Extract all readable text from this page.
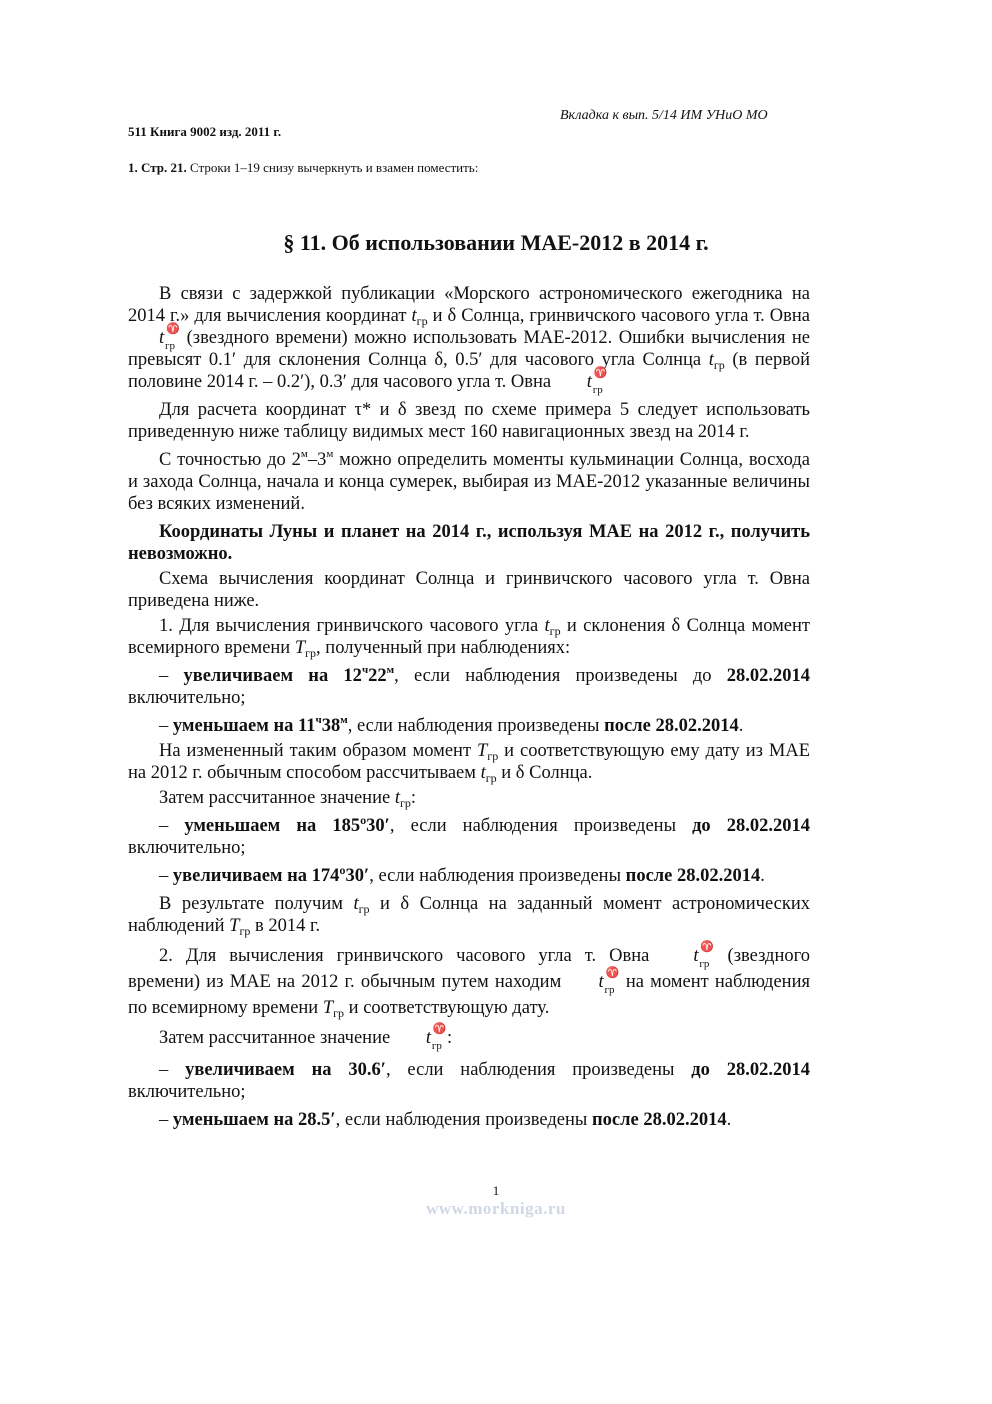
Вкладка к вып. 5/14 ИМ УНиО МО
511 Книга 9002 изд. 2011 г.
1. Стр. 21. Строки 1–19 снизу вычеркнуть и взамен поместить:
§ 11. Об использовании МАЕ-2012 в 2014 г.

В связи с задержкой публикации «Морского астрономического ежегодника на 2014 г.» для вычисления координат $t_{гр}$ и δ Солнца, гринвичского часового угла т. Овна t ♈
гр (звездного времени) можно использовать МАЕ-2012. Ошибки вычисления не превысят 0.1′ для склонения Солнца δ, 0.5′ для часового угла Солнца $t_{гр}$ (в первой половине 2014 г. – 0.2′), 0.3′ для часового угла т. Овна t ♈
гр

Для расчета координат τ* и δ звезд по схеме примера 5 следует использовать приведенную ниже таблицу видимых мест 160 навигационных звезд на 2014 г.

С точностью до $2^м-3^м$ можно определить моменты кульминации Солнца, восхода и захода Солнца, начала и конца сумерек, выбирая из МАЕ-2012 указанные величины без всяких изменений.

Координаты Луны и планет на 2014 г., используя МАЕ на 2012 г., получить невозможно.

Схема вычисления координат Солнца и гринвичского часового угла т. Овна приведена ниже.

1. Для вычисления гринвичского часового угла $t_{гр}$ и склонения δ Солнца момент всемирного времени $T_{гр}$, полученный при наблюдениях:

– увеличиваем на $12^ч22^м$, если наблюдения произведены до 28.02.2014 включительно;

– уменьшаем на $11^ч38^м$, если наблюдения произведены после 28.02.2014.

На измененный таким образом момент $T_{гр}$ и соответствующую ему дату из МАЕ на 2012 г. обычным способом рассчитываем $t_{гр}$ и δ Солнца.

Затем рассчитанное значение $t_{гр}$:

– уменьшаем на 185º30′, если наблюдения произведены до 28.02.2014 включительно;

– увеличиваем на 174º30′, если наблюдения произведены после 28.02.2014.

В результате получим $t_{гр}$ и δ Солнца на заданный момент астрономических наблюдений $T_{гр}$ в 2014 г.

2. Для вычисления гринвичского часового угла т. Овна t ♈
гр (звездного времени) из МАЕ на 2012 г. обычным путем находим t ♈
гр на момент наблюдения по всемирному времени $T_{гр}$ и соответствующую дату.

Затем рассчитанное значение t ♈
гр :

– увеличиваем на 30.6′, если наблюдения произведены до 28.02.2014 включительно;

– уменьшаем на 28.5′, если наблюдения произведены после 28.02.2014.

1
www.morkniga.ru
